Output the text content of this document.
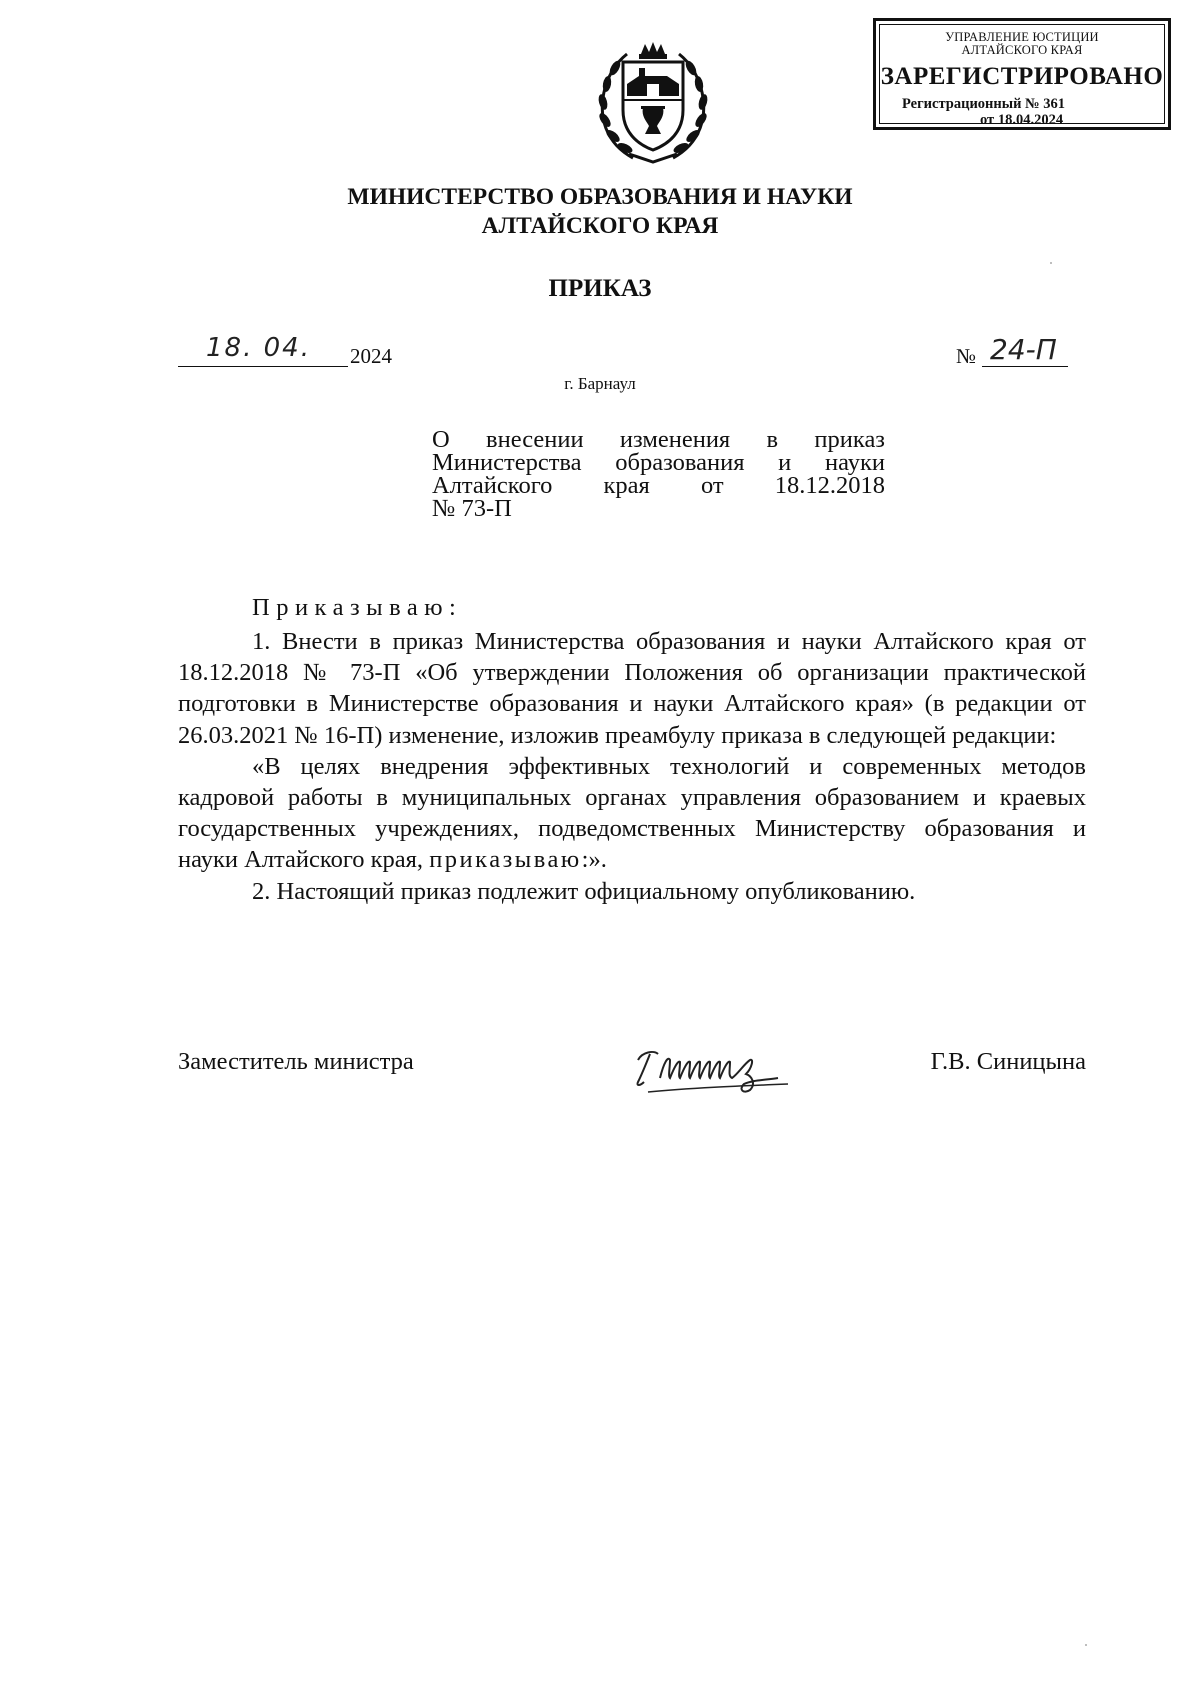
УПРАВЛЕНИЕ ЮСТИЦИИ
АЛТАЙСКОГО КРАЯ
ЗАРЕГИСТРИРОВАНО
Регистрационный № 361
от 18.04.2024
МИНИСТЕРСТВО ОБРАЗОВАНИЯ И НАУКИ
АЛТАЙСКОГО КРАЯ
ПРИКАЗ
18. 04.	2024	№ 24-П
г. Барнаул
О внесении изменения в приказ
Министерства образования и науки
Алтайского края от 18.12.2018
№ 73-П
Приказываю:

1. Внести в приказ Министерства образования и науки Алтайского края от 18.12.2018 № 73-П «Об утверждении Положения об организации практической подготовки в Министерстве образования и науки Алтайского края» (в редакции от 26.03.2021 № 16-П) изменение, изложив преамбулу приказа в следующей редакции:

«В целях внедрения эффективных технологий и современных методов кадровой работы в муниципальных органах управления образованием и краевых государственных учреждениях, подведомственных Министерству образования и науки Алтайского края, приказываю:».

2. Настоящий приказ подлежит официальному опубликованию.

Заместитель министра	Г.В. Синицына
